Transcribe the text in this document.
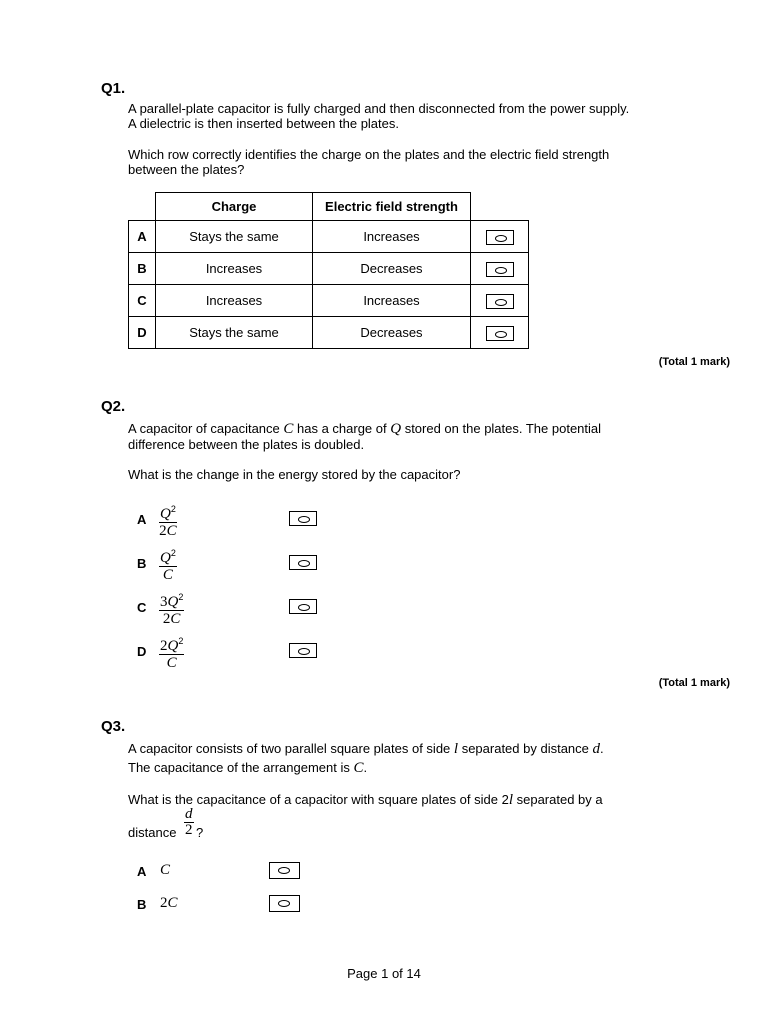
Q1.
A parallel-plate capacitor is fully charged and then disconnected from the power supply.
A dielectric is then inserted between the plates.
Which row correctly identifies the charge on the plates and the electric field strength
between the plates?
	Charge	Electric field strength	
A	Stays the same	Increases	
B	Increases	Decreases	
C	Increases	Increases	
D	Stays the same	Decreases	
(Total 1 mark)
Q2.
A capacitor of capacitance C has a charge of Q stored on the plates. The potential
difference between the plates is doubled.
What is the change in the energy stored by the capacitor?
A $\frac{Q^2}{2C}$
B $\frac{Q^2}{C}$
C $\frac{3Q^2}{2C}$
D $\frac{2Q^2}{C}$
(Total 1 mark)
Q3.
A capacitor consists of two parallel square plates of side l separated by distance d.
The capacitance of the arrangement is C.
What is the capacitance of a capacitor with square plates of side 2l separated by a
distance $\frac{d}{2}$ ?
A C
B 2C
Page 1 of 14
